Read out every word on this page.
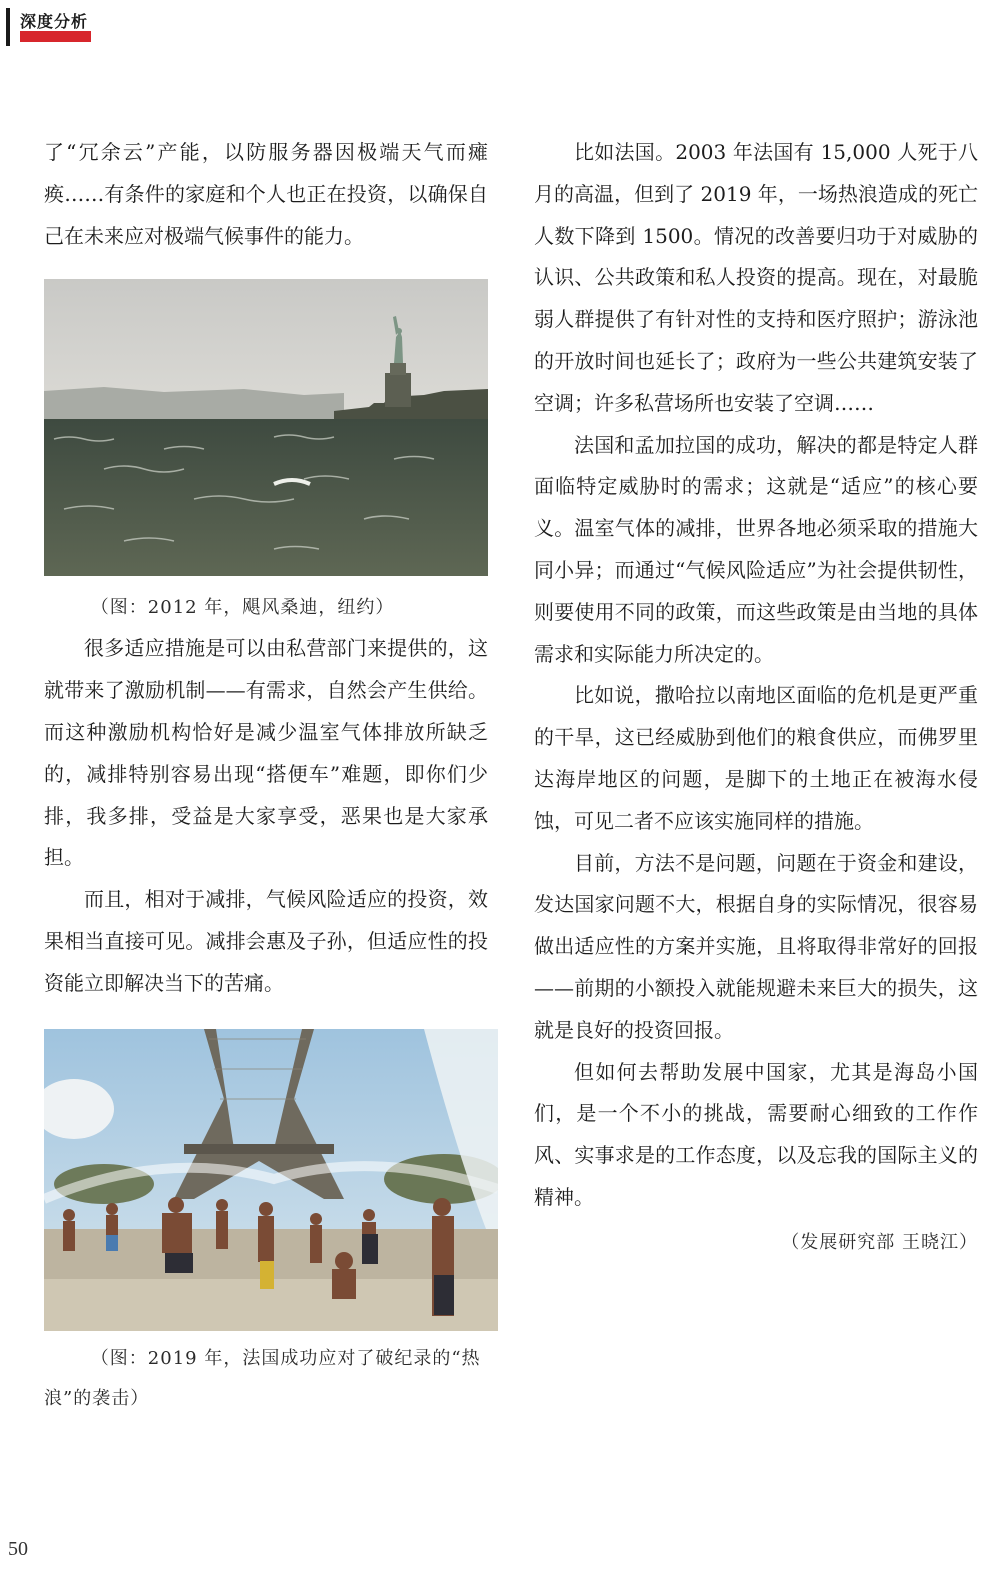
深度分析

了“冗余云”产能，以防服务器因极端天气而瘫痪……有条件的家庭和个人也正在投资，以确保自己在未来应对极端气候事件的能力。

（图：2012 年，飓风桑迪，纽约）

很多适应措施是可以由私营部门来提供的，这就带来了激励机制——有需求，自然会产生供给。而这种激励机构恰好是减少温室气体排放所缺乏的，减排特别容易出现“搭便车”难题，即你们少排，我多排，受益是大家享受，恶果也是大家承担。

而且，相对于减排，气候风险适应的投资，效果相当直接可见。减排会惠及子孙，但适应性的投资能立即解决当下的苦痛。

（图：2019 年，法国成功应对了破纪录的“热浪”的袭击）

比如法国。2003 年法国有 15,000 人死于八月的高温，但到了 2019 年，一场热浪造成的死亡人数下降到 1500。情况的改善要归功于对威胁的认识、公共政策和私人投资的提高。现在，对最脆弱人群提供了有针对性的支持和医疗照护；游泳池的开放时间也延长了；政府为一些公共建筑安装了空调；许多私营场所也安装了空调……

法国和孟加拉国的成功，解决的都是特定人群面临特定威胁时的需求；这就是“适应”的核心要义。温室气体的减排，世界各地必须采取的措施大同小异；而通过“气候风险适应”为社会提供韧性，则要使用不同的政策，而这些政策是由当地的具体需求和实际能力所决定的。

比如说，撒哈拉以南地区面临的危机是更严重的干旱，这已经威胁到他们的粮食供应，而佛罗里达海岸地区的问题，是脚下的土地正在被海水侵蚀，可见二者不应该实施同样的措施。

目前，方法不是问题，问题在于资金和建设，发达国家问题不大，根据自身的实际情况，很容易做出适应性的方案并实施，且将取得非常好的回报——前期的小额投入就能规避未来巨大的损失，这就是良好的投资回报。

但如何去帮助发展中国家，尤其是海岛小国们，是一个不小的挑战，需要耐心细致的工作作风、实事求是的工作态度，以及忘我的国际主义的精神。

（发展研究部 王晓江）
50
